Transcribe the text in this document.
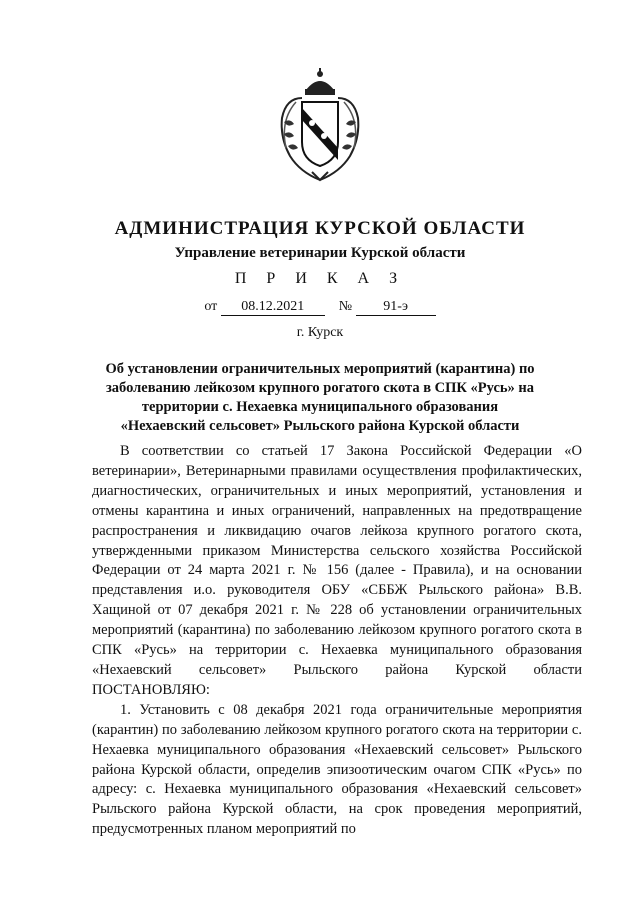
АДМИНИСТРАЦИЯ КУРСКОЙ ОБЛАСТИ
Управление ветеринарии Курской области
П Р И К А З
от 08.12.2021 № 91-э
г. Курск
Об установлении ограничительных мероприятий (карантина) по заболеванию лейкозом крупного рогатого скота в СПК «Русь» на территории с. Нехаевка муниципального образования «Нехаевский сельсовет» Рыльского района Курской области

В соответствии со статьей 17 Закона Российской Федерации «О ветеринарии», Ветеринарными правилами осуществления профилактических, диагностических, ограничительных и иных мероприятий, установления и отмены карантина и иных ограничений, направленных на предотвращение распространения и ликвидацию очагов лейкоза крупного рогатого скота, утвержденными приказом Министерства сельского хозяйства Российской Федерации от 24 марта 2021 г. № 156 (далее - Правила), и на основании представления и.о. руководителя ОБУ «СББЖ Рыльского района» В.В. Хащиной от 07 декабря 2021 г. № 228 об установлении ограничительных мероприятий (карантина) по заболеванию лейкозом крупного рогатого скота в СПК «Русь» на территории с. Нехаевка муниципального образования «Нехаевский сельсовет» Рыльского района Курской области ПОСТАНОВЛЯЮ:

1. Установить с 08 декабря 2021 года ограничительные мероприятия (карантин) по заболеванию лейкозом крупного рогатого скота на территории с. Нехаевка муниципального образования «Нехаевский сельсовет» Рыльского района Курской области, определив эпизоотическим очагом СПК «Русь» по адресу: с. Нехаевка муниципального образования «Нехаевский сельсовет» Рыльского района Курской области, на срок проведения мероприятий, предусмотренных планом мероприятий по
